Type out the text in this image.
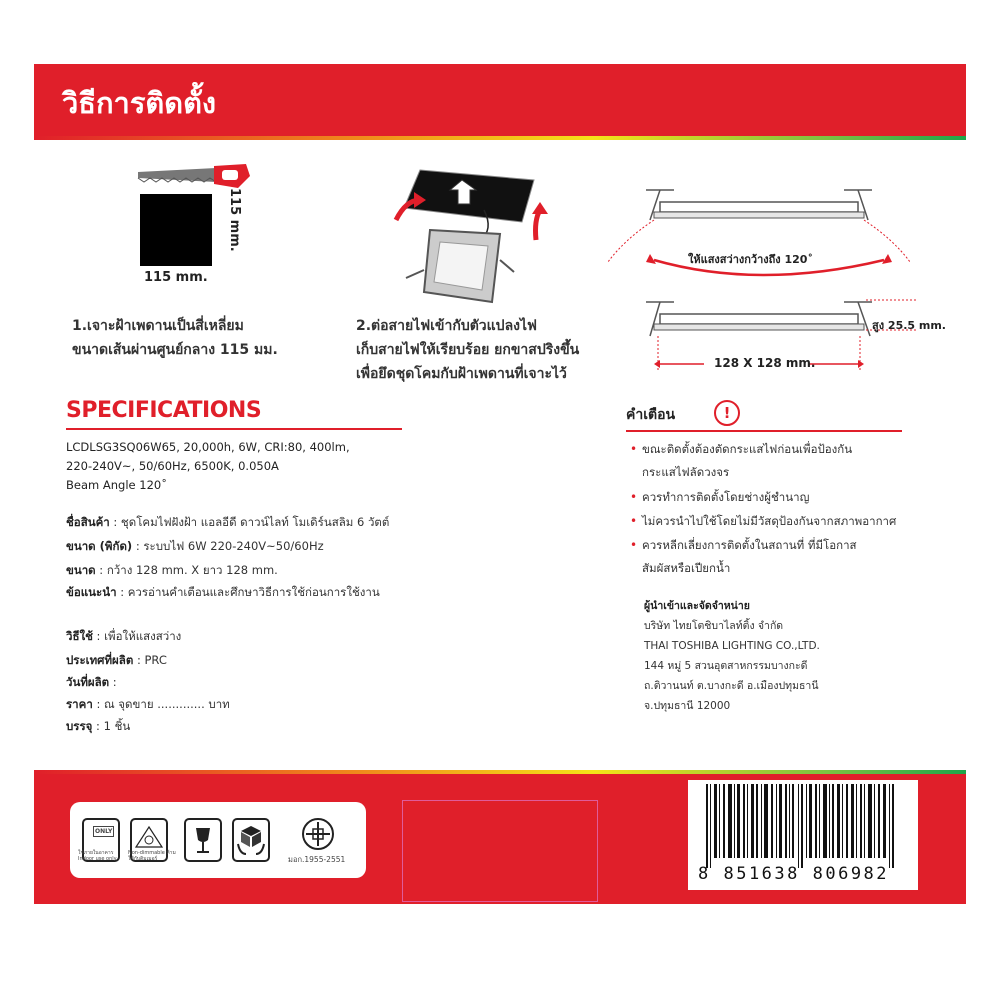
วิธีการติดตั้ง
115 mm.
115 mm.
1.เจาะฝ้าเพดานเป็นสี่เหลี่ยม
ขนาดเส้นผ่านศูนย์กลาง 115 มม.
2.ต่อสายไฟเข้ากับตัวแปลงไฟ
เก็บสายไฟให้เรียบร้อย ยกขาสปริงขึ้น
เพื่อยึดชุดโคมกับฝ้าเพดานที่เจาะไว้
ให้แสงสว่างกว้างถึง 120˚
สูง 25.5 mm.
128 X 128 mm.
SPECIFICATIONS
LCDLSG3SQ06W65, 20,000h, 6W, CRI:80, 400lm,
220-240V~, 50/60Hz, 6500K, 0.050A
Beam Angle 120˚
ชื่อสินค้า : ชุดโคมไฟฝังฝ้า แอลอีดี ดาวน์ไลท์ โมเดิร์นสลิม 6 วัตต์
ขนาด (พิกัด) : ระบบไฟ 6W 220-240V~50/60Hz
ขนาด : กว้าง 128 mm. X ยาว 128 mm.
ข้อแนะนำ : ควรอ่านคำเตือนและศึกษาวิธีการใช้ก่อนการใช้งาน
วิธีใช้ : เพื่อให้แสงสว่าง
ประเทศที่ผลิต : PRC
วันที่ผลิต :
ราคา : ณ จุดขาย ............. บาท
บรรจุ : 1 ชิ้น
คำเตือน	!
• ขณะติดตั้งต้องตัดกระแสไฟก่อนเพื่อป้องกัน
กระแสไฟลัดวงจร
• ควรทำการติดตั้งโดยช่างผู้ชำนาญ
• ไม่ควรนำไปใช้โดยไม่มีวัสดุป้องกันจากสภาพอากาศ
• ควรหลีกเลี่ยงการติดตั้งในสถานที่ ที่มีโอกาส
สัมผัสหรือเปียกน้ำ
ผู้นำเข้าและจัดจำหน่าย
บริษัท ไทยโตชิบาไลท์ติ้ง จำกัด
THAI TOSHIBA LIGHTING CO.,LTD.
144 หมู่ 5 สวนอุตสาหกรรมบางกะดี
ถ.ติวานนท์ ต.บางกะดี อ.เมืองปทุมธานี
จ.ปทุมธานี 12000
ONLY
ใช้ภายในอาคาร Indoor use only
Non-dimmable ห้ามใช้กับดิมเมอร์	มอก.1955-2551
8 851638 806982
